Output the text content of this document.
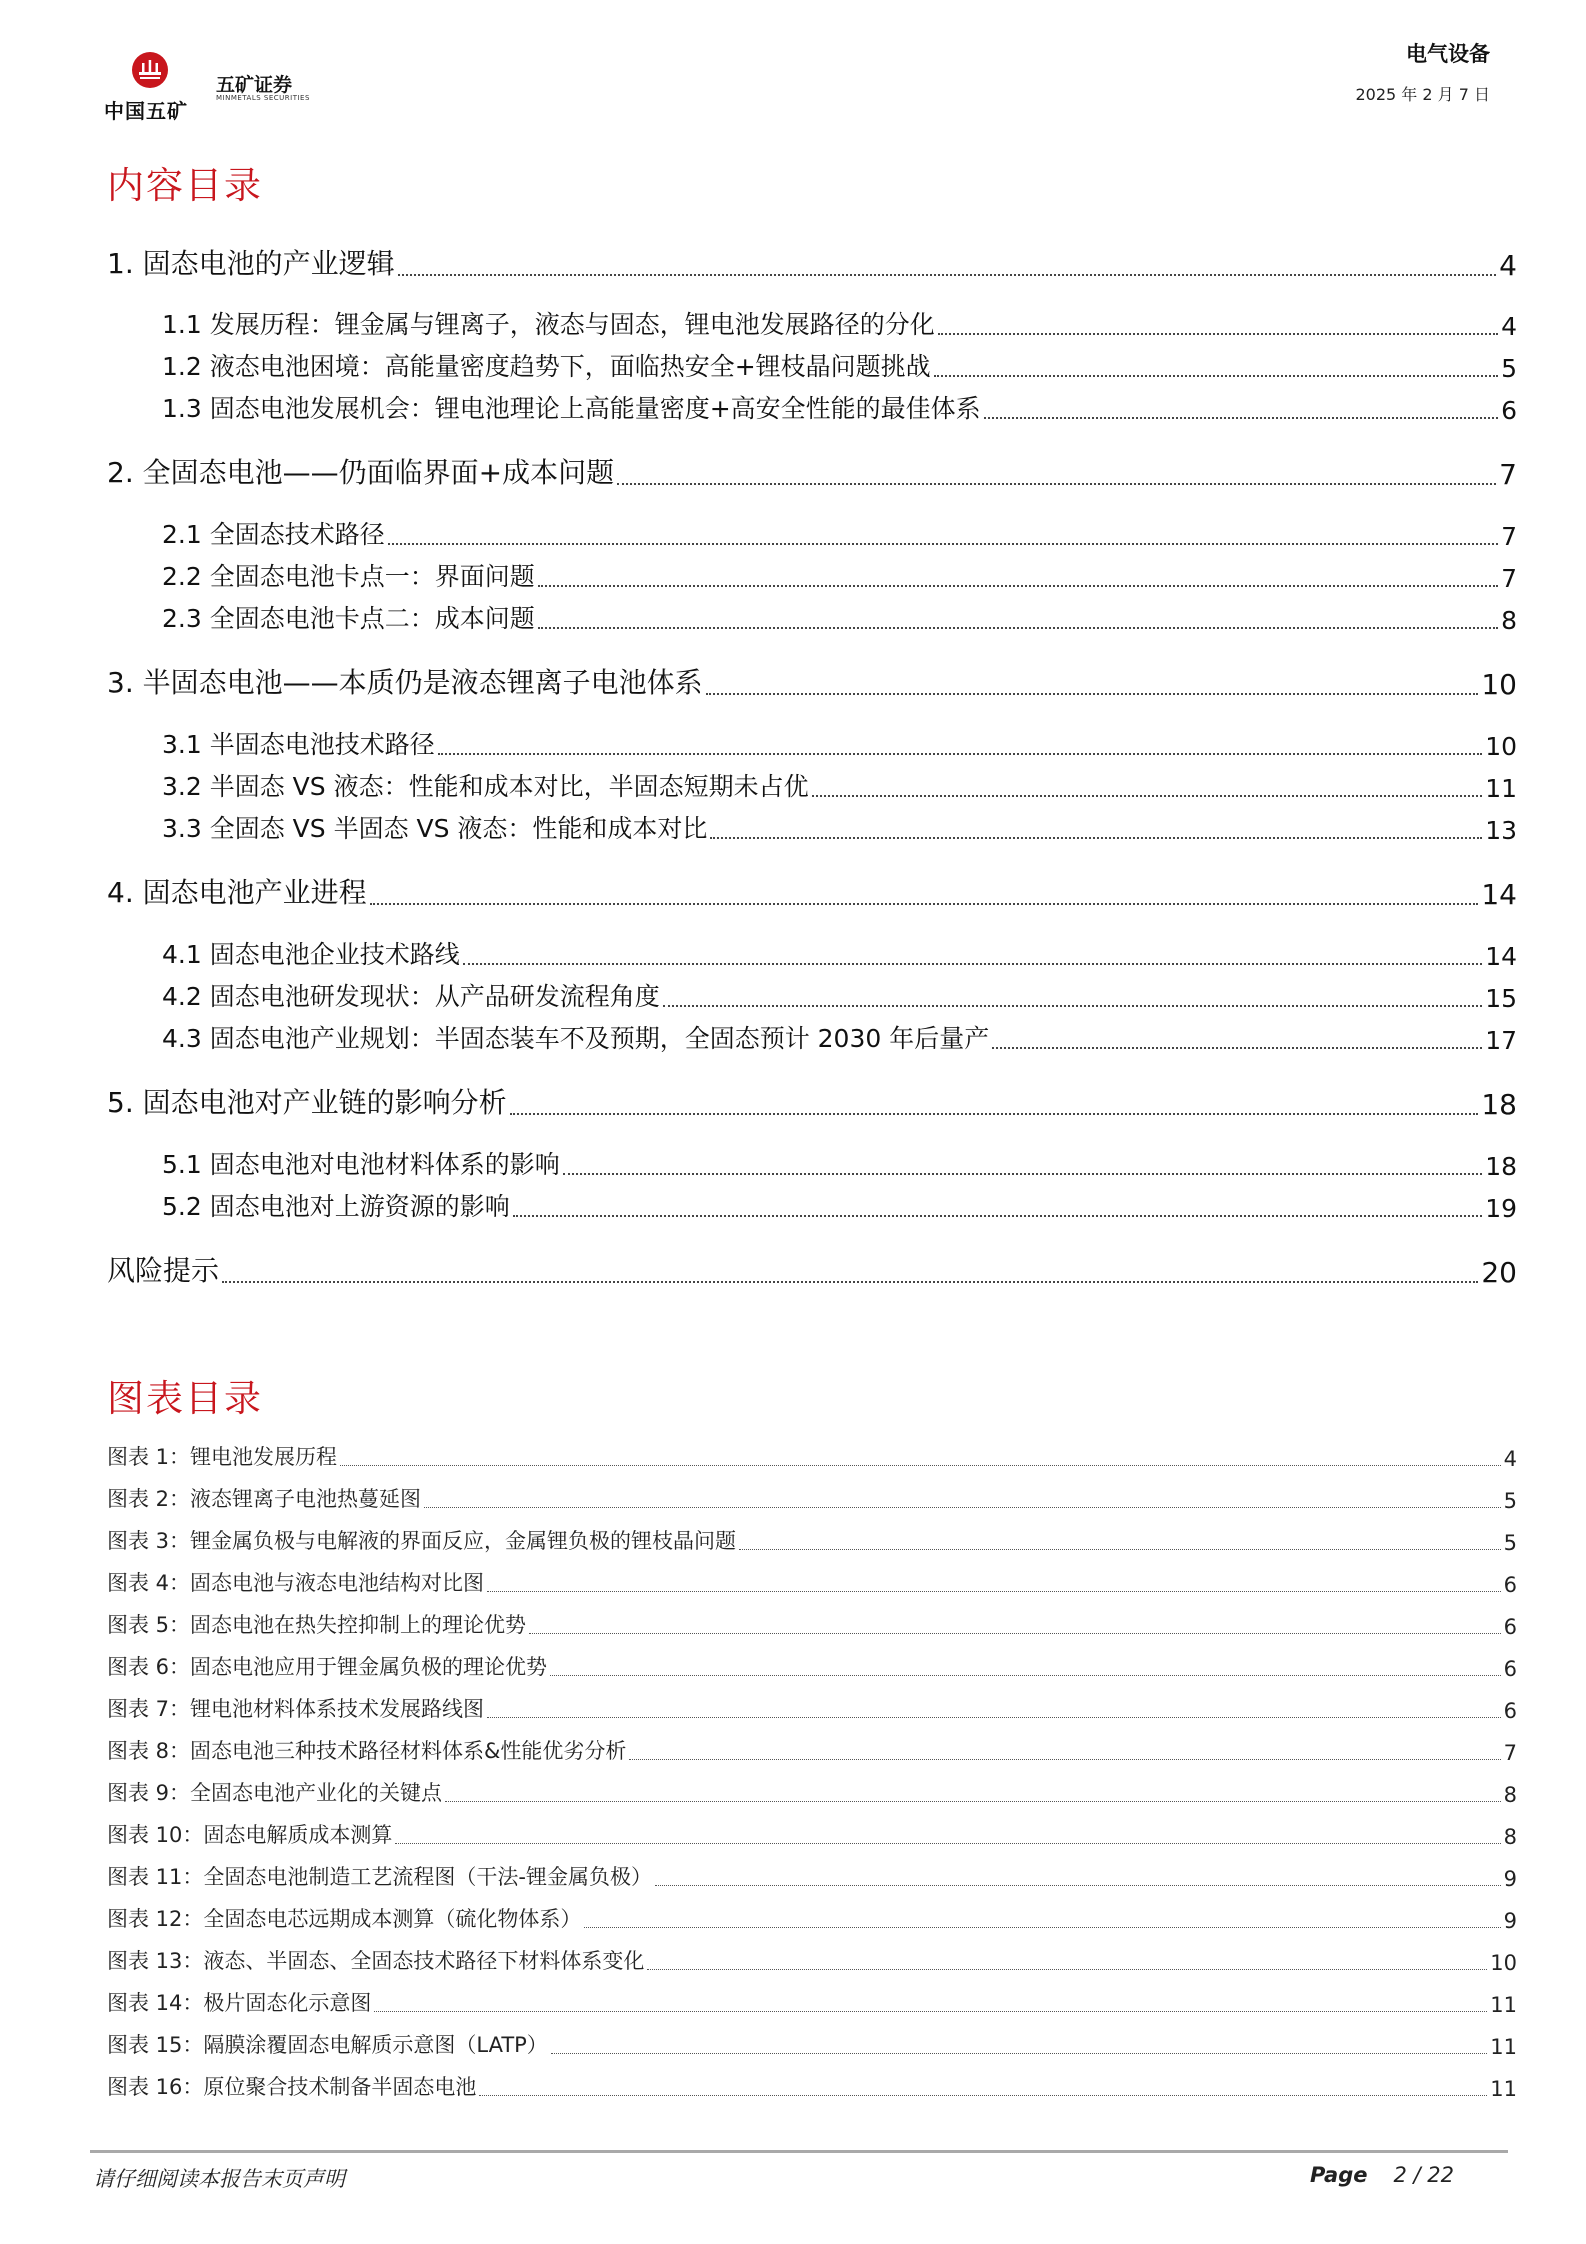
中国五矿
五矿证券
MINMETALS SECURITIES
电气设备
2025 年 2 月 7 日
内容目录
1. 固态电池的产业逻辑	4
1.1 发展历程：锂金属与锂离子，液态与固态，锂电池发展路径的分化	4
1.2 液态电池困境：高能量密度趋势下，面临热安全+锂枝晶问题挑战	5
1.3 固态电池发展机会：锂电池理论上高能量密度+高安全性能的最佳体系	6
2. 全固态电池——仍面临界面+成本问题	7
2.1 全固态技术路径	7
2.2 全固态电池卡点一：界面问题	7
2.3 全固态电池卡点二：成本问题	8
3. 半固态电池——本质仍是液态锂离子电池体系	10
3.1 半固态电池技术路径	10
3.2 半固态 VS 液态：性能和成本对比，半固态短期未占优	11
3.3 全固态 VS 半固态 VS 液态：性能和成本对比	13
4. 固态电池产业进程	14
4.1 固态电池企业技术路线	14
4.2 固态电池研发现状：从产品研发流程角度	15
4.3 固态电池产业规划：半固态装车不及预期，全固态预计 2030 年后量产	17
5. 固态电池对产业链的影响分析	18
5.1 固态电池对电池材料体系的影响	18
5.2 固态电池对上游资源的影响	19
风险提示	20
图表目录
图表 1：锂电池发展历程	4
图表 2：液态锂离子电池热蔓延图	5
图表 3：锂金属负极与电解液的界面反应，金属锂负极的锂枝晶问题	5
图表 4：固态电池与液态电池结构对比图	6
图表 5：固态电池在热失控抑制上的理论优势	6
图表 6：固态电池应用于锂金属负极的理论优势	6
图表 7：锂电池材料体系技术发展路线图	6
图表 8：固态电池三种技术路径材料体系&性能优劣分析	7
图表 9：全固态电池产业化的关键点	8
图表 10：固态电解质成本测算	8
图表 11：全固态电池制造工艺流程图（干法-锂金属负极）	9
图表 12：全固态电芯远期成本测算（硫化物体系）	9
图表 13：液态、半固态、全固态技术路径下材料体系变化	10
图表 14：极片固态化示意图	11
图表 15：隔膜涂覆固态电解质示意图（LATP）	11
图表 16：原位聚合技术制备半固态电池	11
请仔细阅读本报告末页声明	Page 2 / 22
